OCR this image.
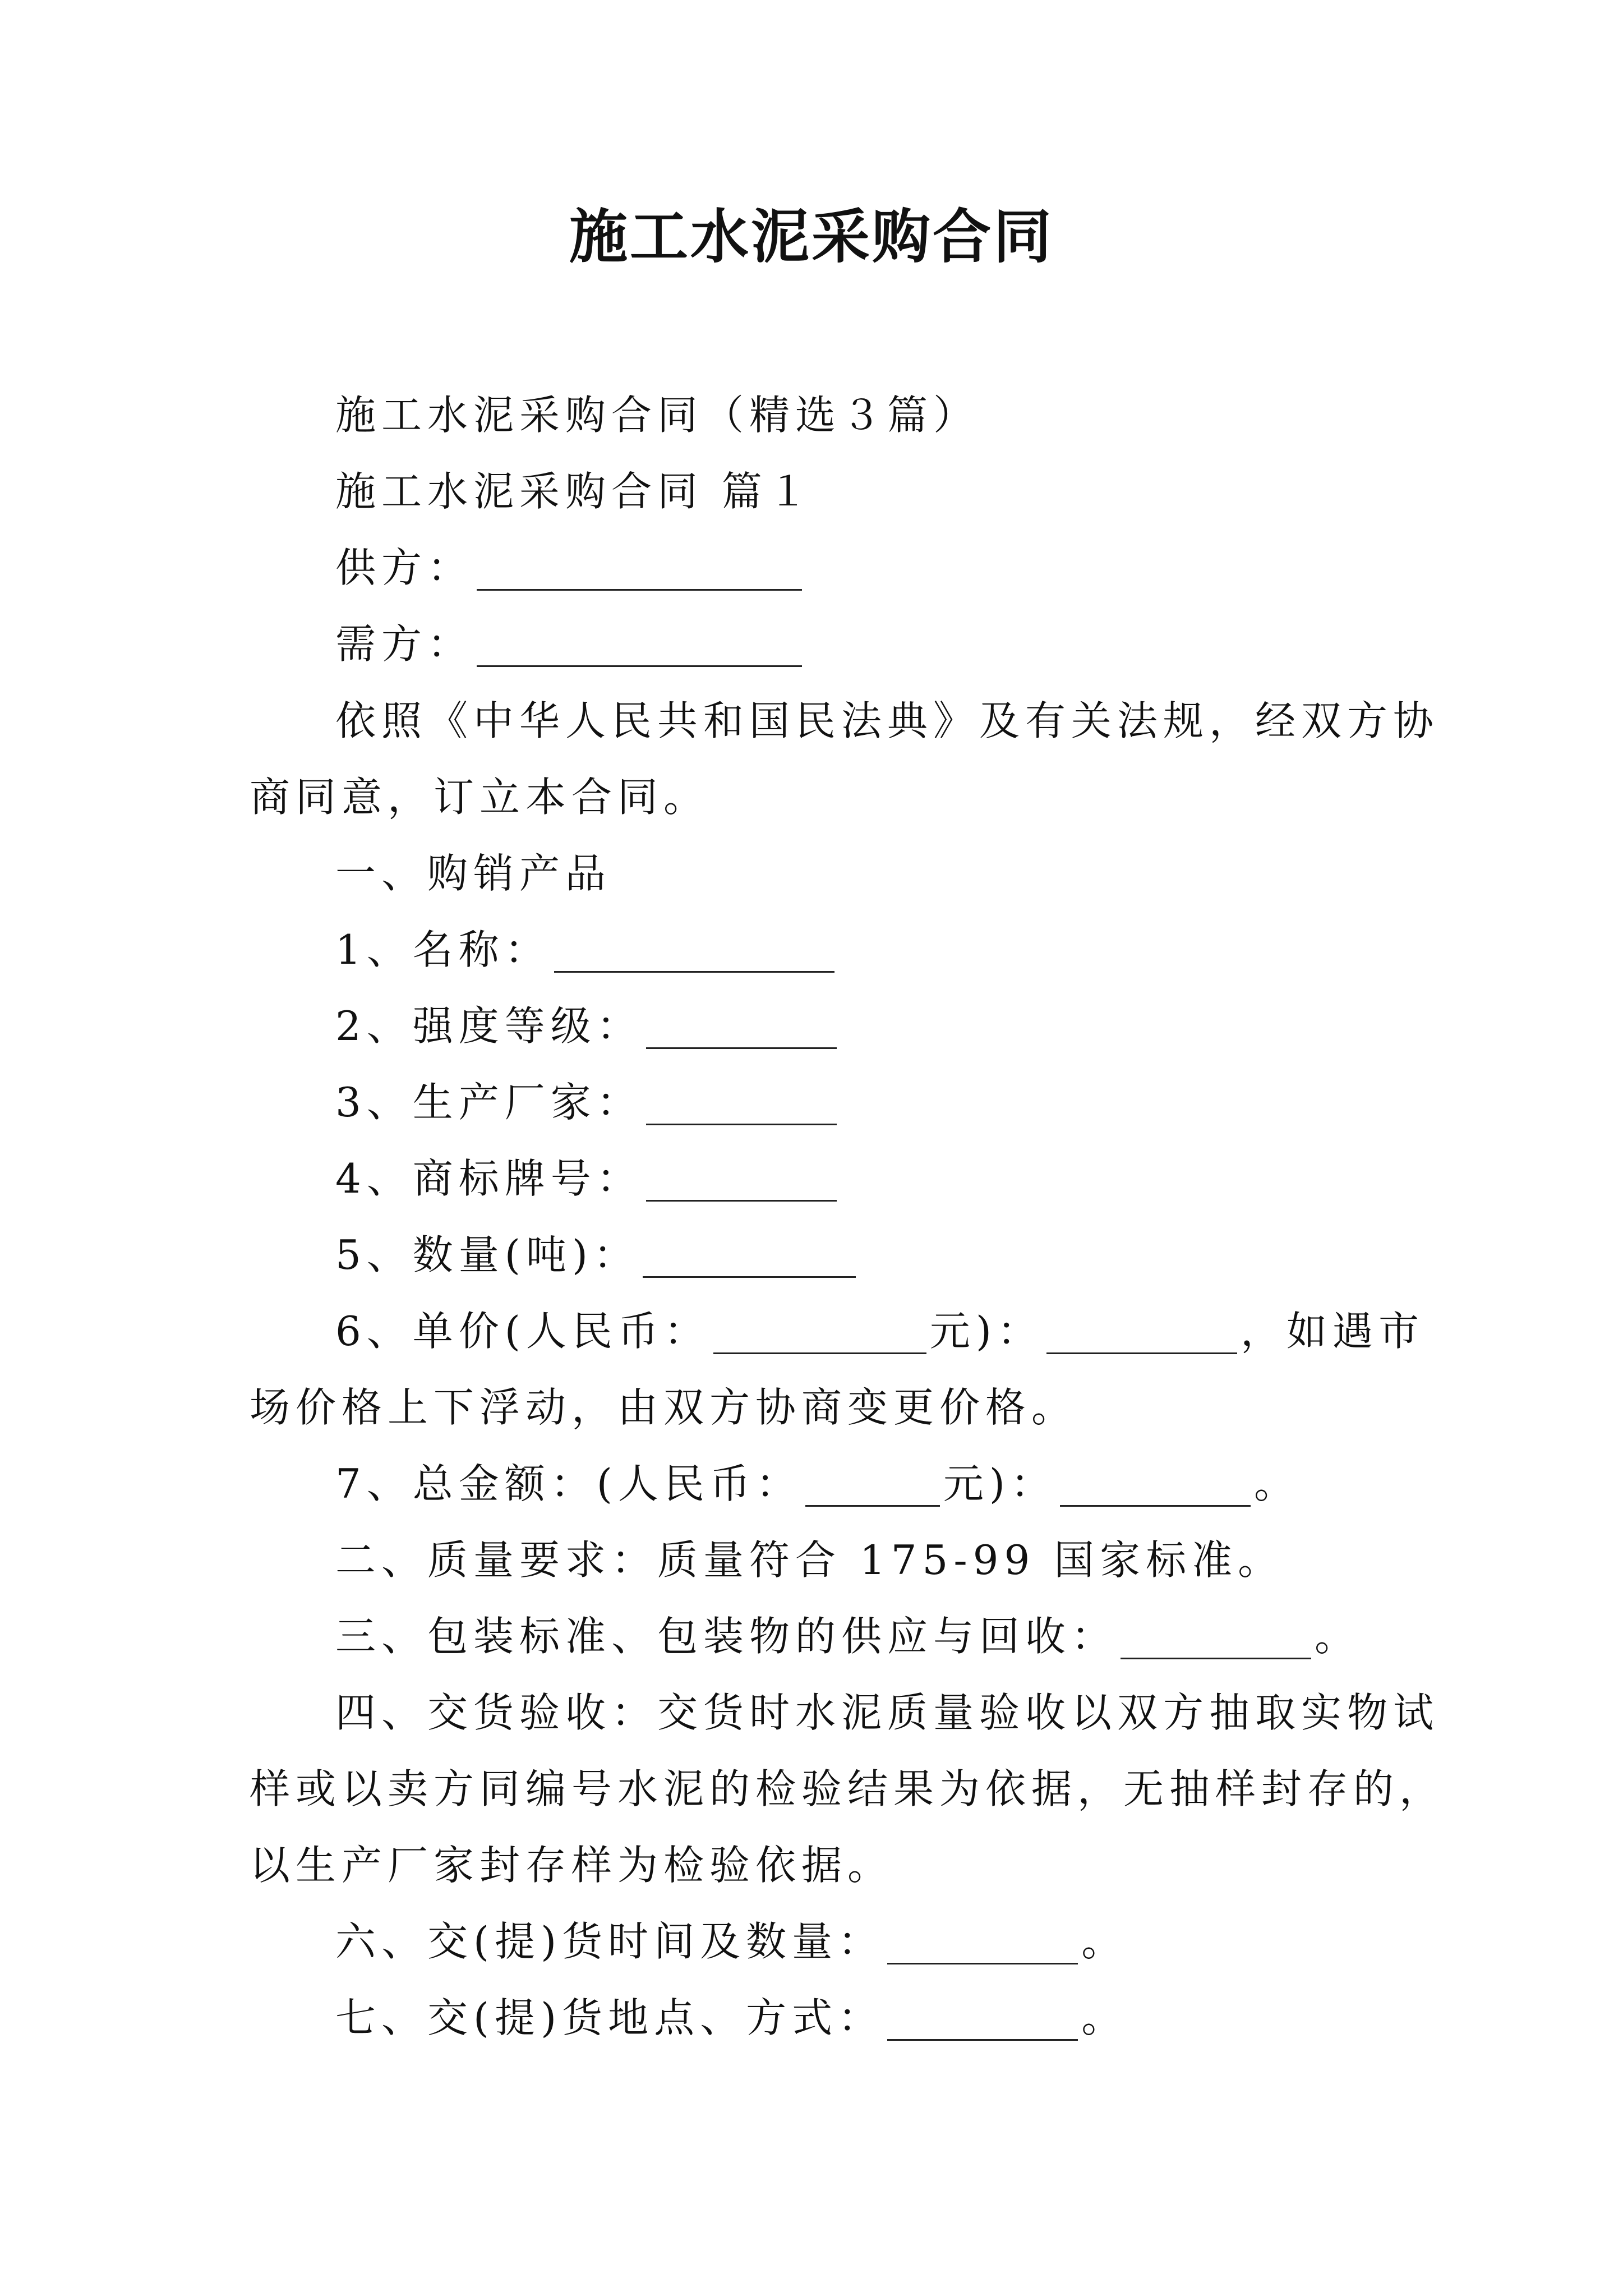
施工水泥采购合同
施工水泥采购合同（精选３篇）
施工水泥采购合同 篇１
供方：
需方：
依照《中华人民共和国民法典》及有关法规，经双方协
商同意，订立本合同。
一、购销产品
1、名称：
2、强度等级：
3、生产厂家：
4、商标牌号：
5、数量(吨)：
6、单价(人民币：	元)：	，如遇市
场价格上下浮动，由双方协商变更价格。
7、总金额：(人民币：	元)：	。
二、质量要求：质量符合 175-99 国家标准。
三、包装标准、包装物的供应与回收：	。
四、交货验收：交货时水泥质量验收以双方抽取实物试
样或以卖方同编号水泥的检验结果为依据，无抽样封存的，
以生产厂家封存样为检验依据。
六、交(提)货时间及数量：	。
七、交(提)货地点、方式：	。
